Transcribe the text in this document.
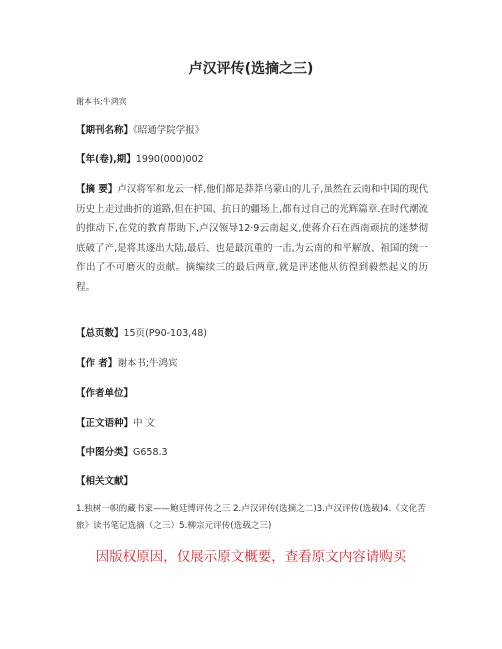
卢汉评传(选摘之三)
谢本书;牛鸿宾
【期刊名称】《昭通学院学报》
【年(卷),期】1990(000)002
【摘 要】卢汉将军和龙云一样,他们都是莽莽乌蒙山的儿子,虽然在云南和中国的现代历史上走过曲折的道路,但在护国、抗日的疆场上,都有过自己的光辉篇章.在时代潮流的推动下,在党的教育帮助下,卢汉领导12·9云南起义,使蒋介石在西南顽抗的迷梦彻底破了产,是将其逐出大陆,最后、也是最沉重的一击,为云南的和平解放、祖国的统一作出了不可磨灭的贡献。摘编续三的最后两章,就是评述他从彷徨到毅然起义的历程。
【总页数】15页(P90-103,48)
【作 者】谢本书;牛鸿宾
【作者单位】
【正文语种】中 文
【中图分类】G658.3
【相关文献】
1.独树一帜的藏书家——鲍廷博评传之三 2.卢汉评传(选摘之二)3.卢汉评传(选载)4.《文化苦旅》读书笔记选摘（之三）5.柳宗元评传(选载之三)
因版权原因，仅展示原文概要，查看原文内容请购买
